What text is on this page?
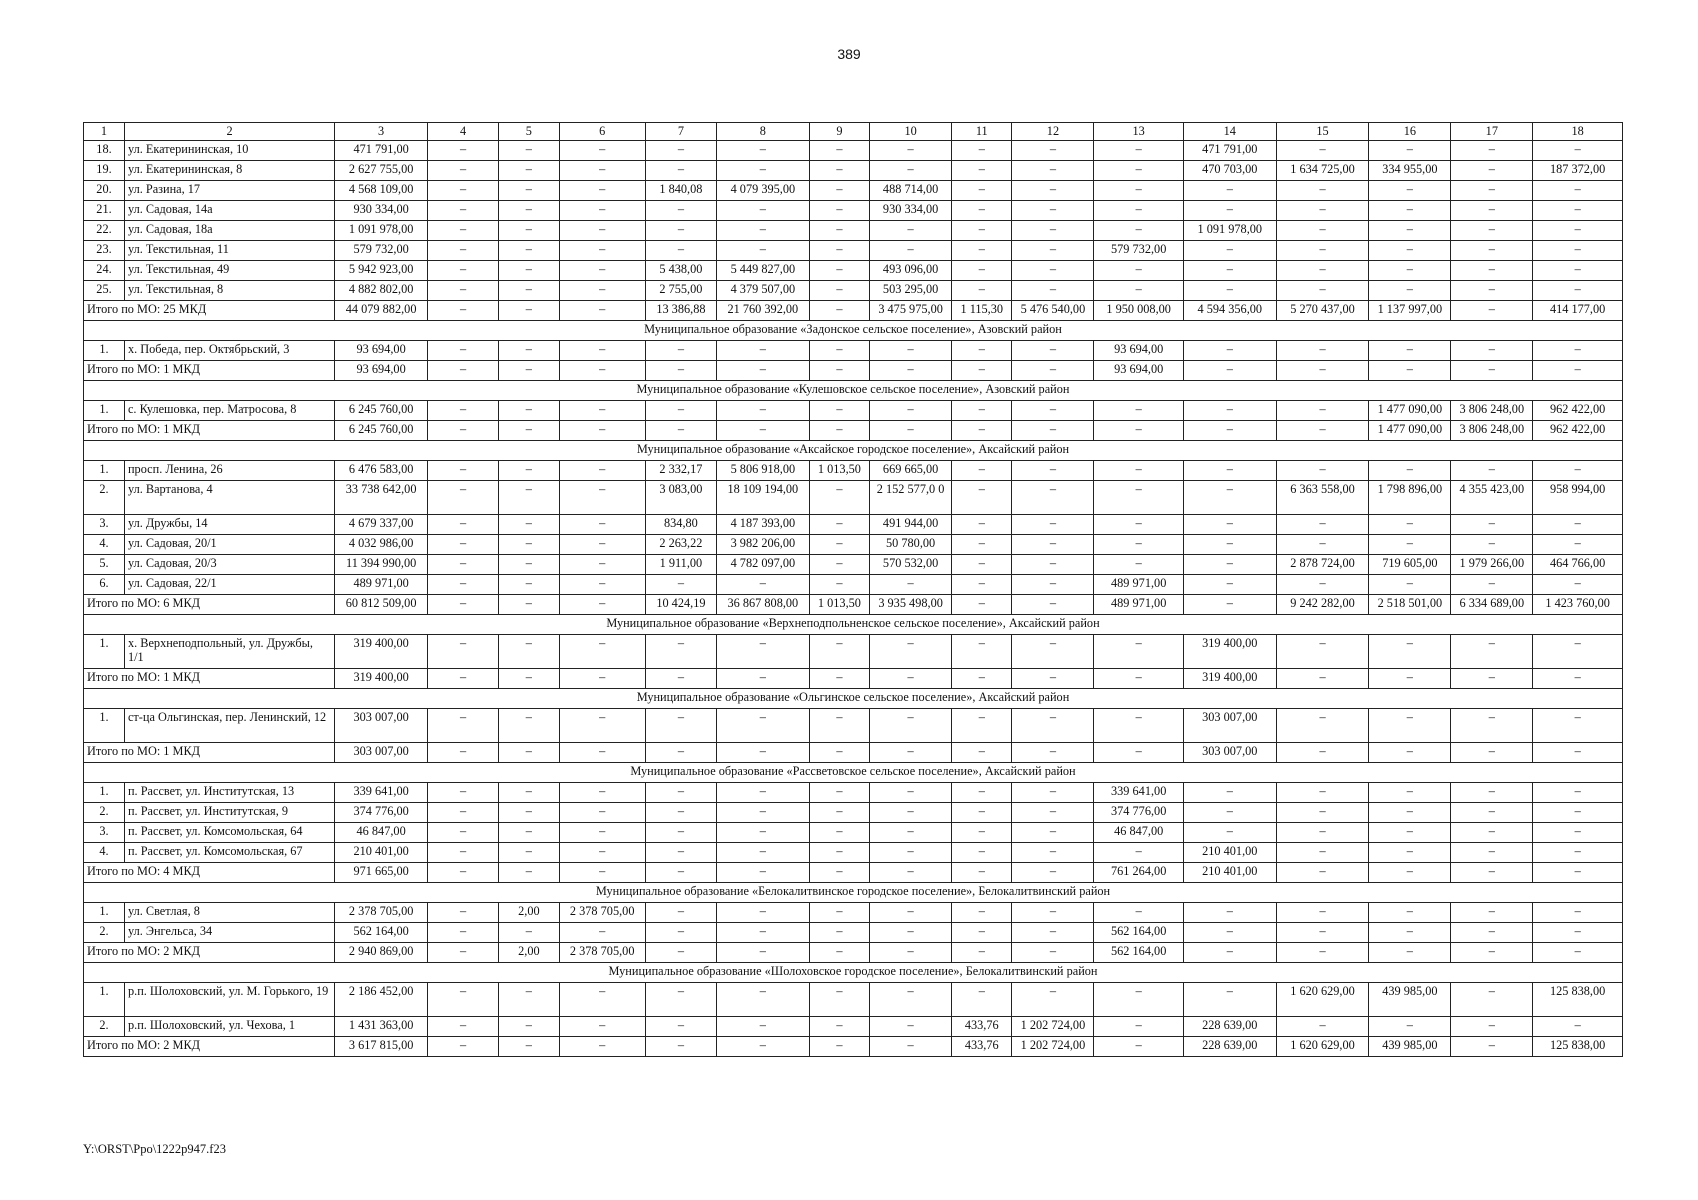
389
1	2	3	4	5	6	7	8	9	10	11	12	13	14	15	16	17	18
18.	ул. Екатерининская, 10	471 791,00	–	–	–	–	–	–	–	–	–	–	471 791,00	–	–	–	–
19.	ул. Екатерининская, 8	2 627 755,00	–	–	–	–	–	–	–	–	–	–	470 703,00	1 634 725,00	334 955,00	–	187 372,00
20.	ул. Разина, 17	4 568 109,00	–	–	–	1 840,08	4 079 395,00	–	488 714,00	–	–	–	–	–	–	–	–
21.	ул. Садовая, 14а	930 334,00	–	–	–	–	–	–	930 334,00	–	–	–	–	–	–	–	–
22.	ул. Садовая, 18а	1 091 978,00	–	–	–	–	–	–	–	–	–	–	1 091 978,00	–	–	–	–
23.	ул. Текстильная, 11	579 732,00	–	–	–	–	–	–	–	–	–	579 732,00	–	–	–	–	–
24.	ул. Текстильная, 49	5 942 923,00	–	–	–	5 438,00	5 449 827,00	–	493 096,00	–	–	–	–	–	–	–	–
25.	ул. Текстильная, 8	4 882 802,00	–	–	–	2 755,00	4 379 507,00	–	503 295,00	–	–	–	–	–	–	–	–
Итого по МО: 25 МКД		44 079 882,00	–	–	–	13 386,88	21 760 392,00	–	3 475 975,00	1 115,30	5 476 540,00	1 950 008,00	4 594 356,00	5 270 437,00	1 137 997,00	–	414 177,00
Муниципальное образование «Задонское сельское поселение», Азовский район																	
1.	х. Победа, пер. Октябрьский, 3	93 694,00	–	–	–	–	–	–	–	–	–	93 694,00	–	–	–	–	–
Итого по МО: 1 МКД		93 694,00	–	–	–	–	–	–	–	–	–	93 694,00	–	–	–	–	–
Муниципальное образование «Кулешовское сельское поселение», Азовский район																	
1.	с. Кулешовка, пер. Матросова, 8	6 245 760,00	–	–	–	–	–	–	–	–	–	–	–	–	1 477 090,00	3 806 248,00	962 422,00
Итого по МО: 1 МКД		6 245 760,00	–	–	–	–	–	–	–	–	–	–	–	–	1 477 090,00	3 806 248,00	962 422,00
Муниципальное образование «Аксайское городское поселение», Аксайский район																	
1.	просп. Ленина, 26	6 476 583,00	–	–	–	2 332,17	5 806 918,00	1 013,50	669 665,00	–	–	–	–	–	–	–	–
2.	ул. Вартанова, 4	33 738 642,00	–	–	–	3 083,00	18 109 194,00	–	2 152 577,0 0	–	–	–	–	6 363 558,00	1 798 896,00	4 355 423,00	958 994,00
3.	ул. Дружбы, 14	4 679 337,00	–	–	–	834,80	4 187 393,00	–	491 944,00	–	–	–	–	–	–	–	–
4.	ул. Садовая, 20/1	4 032 986,00	–	–	–	2 263,22	3 982 206,00	–	50 780,00	–	–	–	–	–	–	–	–
5.	ул. Садовая, 20/3	11 394 990,00	–	–	–	1 911,00	4 782 097,00	–	570 532,00	–	–	–	–	2 878 724,00	719 605,00	1 979 266,00	464 766,00
6.	ул. Садовая, 22/1	489 971,00	–	–	–	–	–	–	–	–	–	489 971,00	–	–	–	–	–
Итого по МО: 6 МКД		60 812 509,00	–	–	–	10 424,19	36 867 808,00	1 013,50	3 935 498,00	–	–	489 971,00	–	9 242 282,00	2 518 501,00	6 334 689,00	1 423 760,00
Муниципальное образование «Верхнеподпольненское сельское поселение», Аксайский район																	
1.	х. Верхнеподпольный, ул. Дружбы, 1/1	319 400,00	–	–	–	–	–	–	–	–	–	–	319 400,00	–	–	–	–
Итого по МО: 1 МКД		319 400,00	–	–	–	–	–	–	–	–	–	–	319 400,00	–	–	–	–
Муниципальное образование «Ольгинское сельское поселение», Аксайский район																	
1.	ст-ца Ольгинская, пер. Ленинский, 12	303 007,00	–	–	–	–	–	–	–	–	–	–	303 007,00	–	–	–	–
Итого по МО: 1 МКД		303 007,00	–	–	–	–	–	–	–	–	–	–	303 007,00	–	–	–	–
Муниципальное образование «Рассветовское сельское поселение», Аксайский район																	
1.	п. Рассвет, ул. Институтская, 13	339 641,00	–	–	–	–	–	–	–	–	–	339 641,00	–	–	–	–	–
2.	п. Рассвет, ул. Институтская, 9	374 776,00	–	–	–	–	–	–	–	–	–	374 776,00	–	–	–	–	–
3.	п. Рассвет, ул. Комсомольская, 64	46 847,00	–	–	–	–	–	–	–	–	–	46 847,00	–	–	–	–	–
4.	п. Рассвет, ул. Комсомольская, 67	210 401,00	–	–	–	–	–	–	–	–	–	–	210 401,00	–	–	–	–
Итого по МО: 4 МКД		971 665,00	–	–	–	–	–	–	–	–	–	761 264,00	210 401,00	–	–	–	–
Муниципальное образование «Белокалитвинское городское поселение», Белокалитвинский район																	
1.	ул. Светлая, 8	2 378 705,00	–	2,00	2 378 705,00	–	–	–	–	–	–	–	–	–	–	–	–
2.	ул. Энгельса, 34	562 164,00	–	–	–	–	–	–	–	–	–	562 164,00	–	–	–	–	–
Итого по МО: 2 МКД		2 940 869,00	–	2,00	2 378 705,00	–	–	–	–	–	–	562 164,00	–	–	–	–	–
Муниципальное образование «Шолоховское городское поселение», Белокалитвинский район																	
1.	р.п. Шолоховский, ул. М. Горького, 19	2 186 452,00	–	–	–	–	–	–	–	–	–	–	–	1 620 629,00	439 985,00	–	125 838,00
2.	р.п. Шолоховский, ул. Чехова, 1	1 431 363,00	–	–	–	–	–	–	–	433,76	1 202 724,00	–	228 639,00	–	–	–	–
Итого по МО: 2 МКД		3 617 815,00	–	–	–	–	–	–	–	433,76	1 202 724,00	–	228 639,00	1 620 629,00	439 985,00	–	125 838,00
Y:\ORST\Ppo\1222p947.f23
